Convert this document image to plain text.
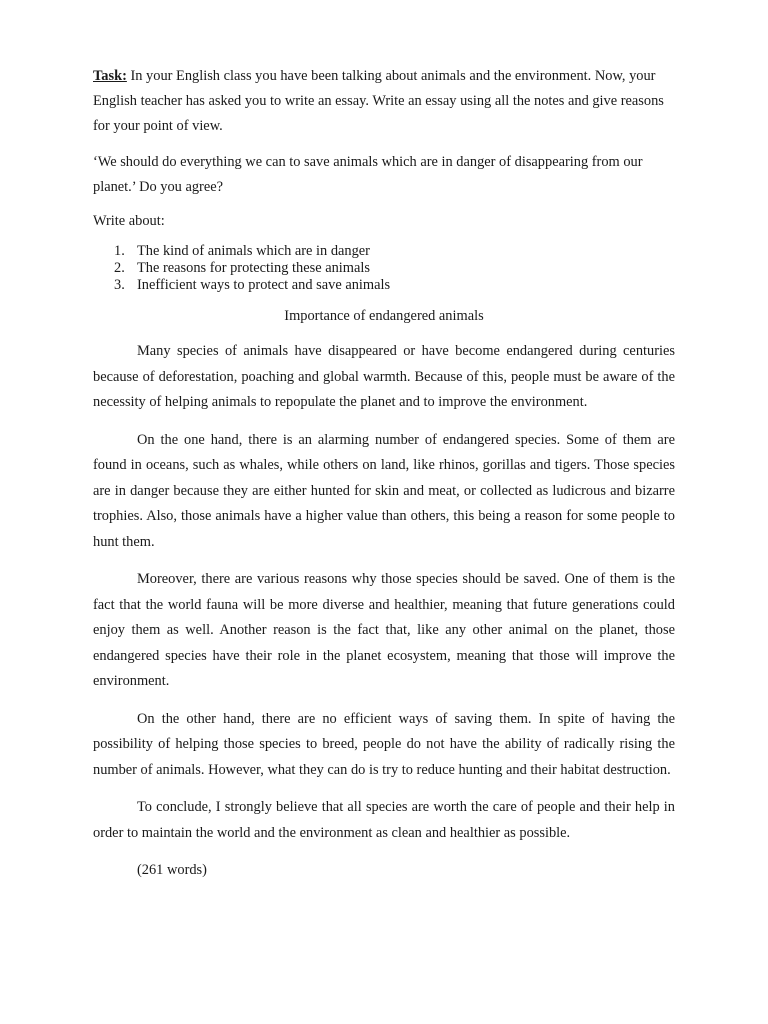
Task: In your English class you have been talking about animals and the environment. Now, your English teacher has asked you to write an essay. Write an essay using all the notes and give reasons for your point of view.

‘We should do everything we can to save animals which are in danger of disappearing from our planet.’ Do you agree?

Write about:

1. The kind of animals which are in danger
2. The reasons for protecting these animals
3. Inefficient ways to protect and save animals

Importance of endangered animals

Many species of animals have disappeared or have become endangered during centuries because of deforestation, poaching and global warmth. Because of this, people must be aware of the necessity of helping animals to repopulate the planet and to improve the environment.

On the one hand, there is an alarming number of endangered species. Some of them are found in oceans, such as whales, while others on land, like rhinos, gorillas and tigers. Those species are in danger because they are either hunted for skin and meat, or collected as ludicrous and bizarre trophies. Also, those animals have a higher value than others, this being a reason for some people to hunt them.

Moreover, there are various reasons why those species should be saved. One of them is the fact that the world fauna will be more diverse and healthier, meaning that future generations could enjoy them as well. Another reason is the fact that, like any other animal on the planet, those endangered species have their role in the planet ecosystem, meaning that those will improve the environment.

On the other hand, there are no efficient ways of saving them. In spite of having the possibility of helping those species to breed, people do not have the ability of radically rising the number of animals. However, what they can do is try to reduce hunting and their habitat destruction.

To conclude, I strongly believe that all species are worth the care of people and their help in order to maintain the world and the environment as clean and healthier as possible.

(261 words)
